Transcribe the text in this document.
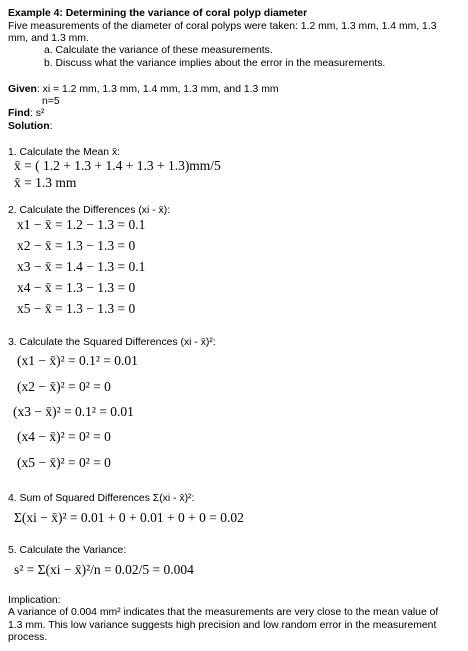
Example 4: Determining the variance of coral polyp diameter
Five measurements of the diameter of coral polyps were taken: 1.2 mm, 1.3 mm, 1.4 mm, 1.3
mm, and 1.3 mm.
a. Calculate the variance of these measurements.
b. Discuss what the variance implies about the error in the measurements.
Given: xi = 1.2 mm, 1.3 mm, 1.4 mm, 1.3 mm, and 1.3 mm
n=5
Find: s²
Solution:
1. Calculate the Mean x̄:
x̄ = ( 1.2 + 1.3 + 1.4 + 1.3 + 1.3)mm/5
x̄ = 1.3 mm
2. Calculate the Differences (xi - x̄):
x1 − x̄ = 1.2 − 1.3 = 0.1
x2 − x̄ = 1.3 − 1.3 = 0
x3 − x̄ = 1.4 − 1.3 = 0.1
x4 − x̄ = 1.3 − 1.3 = 0
x5 − x̄ = 1.3 − 1.3 = 0
3. Calculate the Squared Differences (xi - x̄)²:
(x1 − x̄)² = 0.1² = 0.01
(x2 − x̄)² = 0² = 0
(x3 − x̄)² = 0.1² = 0.01
(x4 − x̄)² = 0² = 0
(x5 − x̄)² = 0² = 0
4. Sum of Squared Differences Σ(xi - x̄)²:
Σ(xi − x̄)² = 0.01 + 0 + 0.01 + 0 + 0 = 0.02
5. Calculate the Variance:
s² = Σ(xi − x̄)²/n = 0.02/5 = 0.004
Implication:
A variance of 0.004 mm² indicates that the measurements are very close to the mean value of
1.3 mm. This low variance suggests high precision and low random error in the measurement
process.
